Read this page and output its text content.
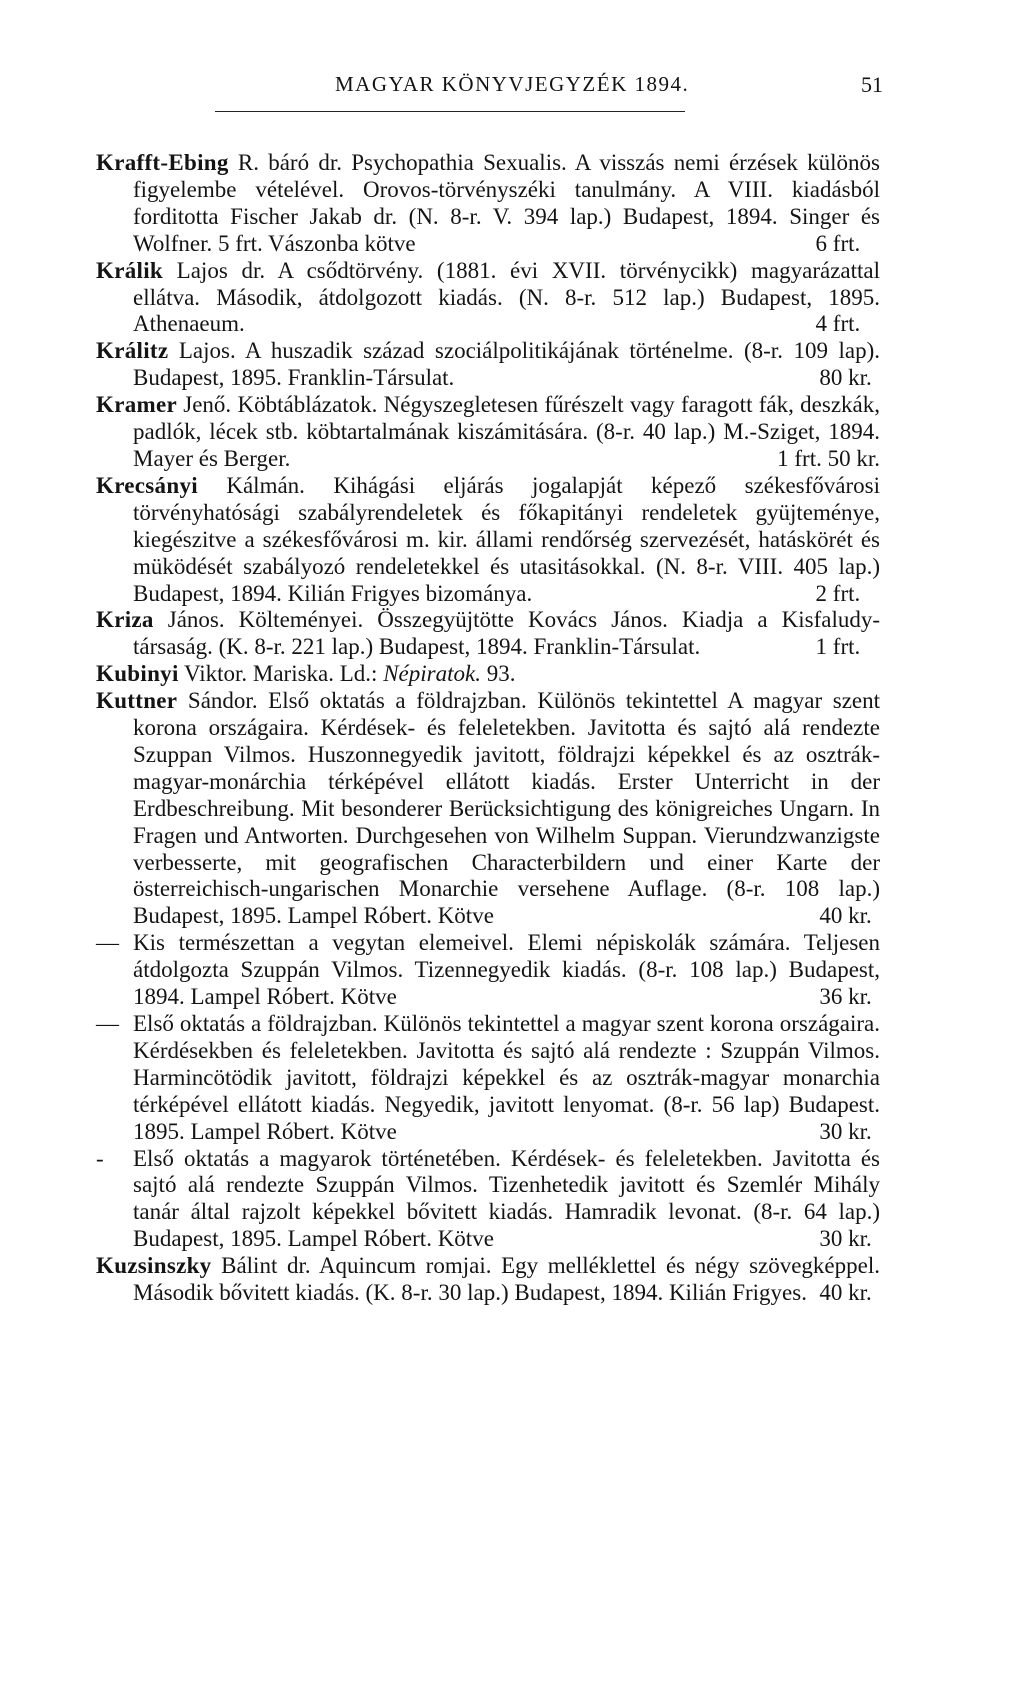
MAGYAR KÖNYVJEGYZÉK 1894.	51
Krafft-Ebing R. báró dr. Psychopathia Sexualis. A visszás nemi érzések különös figyelembe vételével. Orovos-törvényszéki tanulmány. A VIII. kiadásból forditotta Fischer Jakab dr. (N. 8-r. V. 394 lap.) Budapest, 1894. Singer és Wolfner. 5 frt. Vászonba kötve	6 frt.
Králik Lajos dr. A csődtörvény. (1881. évi XVII. törvénycikk) magyarázattal ellátva. Második, átdolgozott kiadás. (N. 8-r. 512 lap.) Budapest, 1895. Athenaeum.	4 frt.
Králitz Lajos. A huszadik század szociálpolitikájának történelme. (8-r. 109 lap). Budapest, 1895. Franklin-Társulat.	80 kr.
Kramer Jenő. Köbtáblázatok. Négyszegletesen fűrészelt vagy faragott fák, deszkák, padlók, lécek stb. köbtartalmának kiszámitására. (8-r. 40 lap.) M.-Sziget, 1894. Mayer és Berger.	1 frt. 50 kr.
Krecsányi Kálmán. Kihágási eljárás jogalapját képező székesfővárosi törvényhatósági szabályrendeletek és főkapitányi rendeletek gyüjteménye, kiegészitve a székesfővárosi m. kir. állami rendőrség szervezését, hatáskörét és müködését szabályozó rendeletekkel és utasitásokkal. (N. 8-r. VIII. 405 lap.) Budapest, 1894. Kilián Frigyes bizománya.	2 frt.
Kriza János. Költeményei. Összegyüjtötte Kovács János. Kiadja a Kisfaludy-társaság. (K. 8-r. 221 lap.) Budapest, 1894. Franklin-Társulat.	1 frt.
Kubinyi Viktor. Mariska. Ld.: Népiratok. 93.
Kuttner Sándor. Első oktatás a földrajzban. Különös tekintettel A magyar szent korona országaira. Kérdések- és feleletekben. Javitotta és sajtó alá rendezte Szuppan Vilmos. Huszonnegyedik javitott, földrajzi képekkel és az osztrák-magyar-monárchia térképével ellátott kiadás. Erster Unterricht in der Erdbeschreibung. Mit besonderer Berücksichtigung des königreiches Ungarn. In Fragen und Antworten. Durchgesehen von Wilhelm Suppan. Vierundzwanzigste verbesserte, mit geografischen Characterbildern und einer Karte der österreichisch-ungarischen Monarchie versehene Auflage. (8-r. 108 lap.) Budapest, 1895. Lampel Róbert. Kötve	40 kr.
— Kis természettan a vegytan elemeivel. Elemi népiskolák számára. Teljesen átdolgozta Szuppán Vilmos. Tizennegyedik kiadás. (8-r. 108 lap.) Budapest, 1894. Lampel Róbert. Kötve	36 kr.
— Első oktatás a földrajzban. Különös tekintettel a magyar szent korona országaira. Kérdésekben és feleletekben. Javitotta és sajtó alá rendezte : Szuppán Vilmos. Harmincötödik javitott, földrajzi képekkel és az osztrák-magyar monarchia térképével ellátott kiadás. Negyedik, javitott lenyomat. (8-r. 56 lap) Budapest. 1895. Lampel Róbert. Kötve	30 kr.
- Első oktatás a magyarok történetében. Kérdések- és feleletekben. Javitotta és sajtó alá rendezte Szuppán Vilmos. Tizenhetedik javitott és Szemlér Mihály tanár által rajzolt képekkel bővitett kiadás. Hamradik levonat. (8-r. 64 lap.) Budapest, 1895. Lampel Róbert. Kötve	30 kr.
Kuzsinszky Bálint dr. Aquincum romjai. Egy melléklettel és négy szövegképpel. Második bővitett kiadás. (K. 8-r. 30 lap.) Budapest, 1894. Kilián Frigyes. 40 kr.
